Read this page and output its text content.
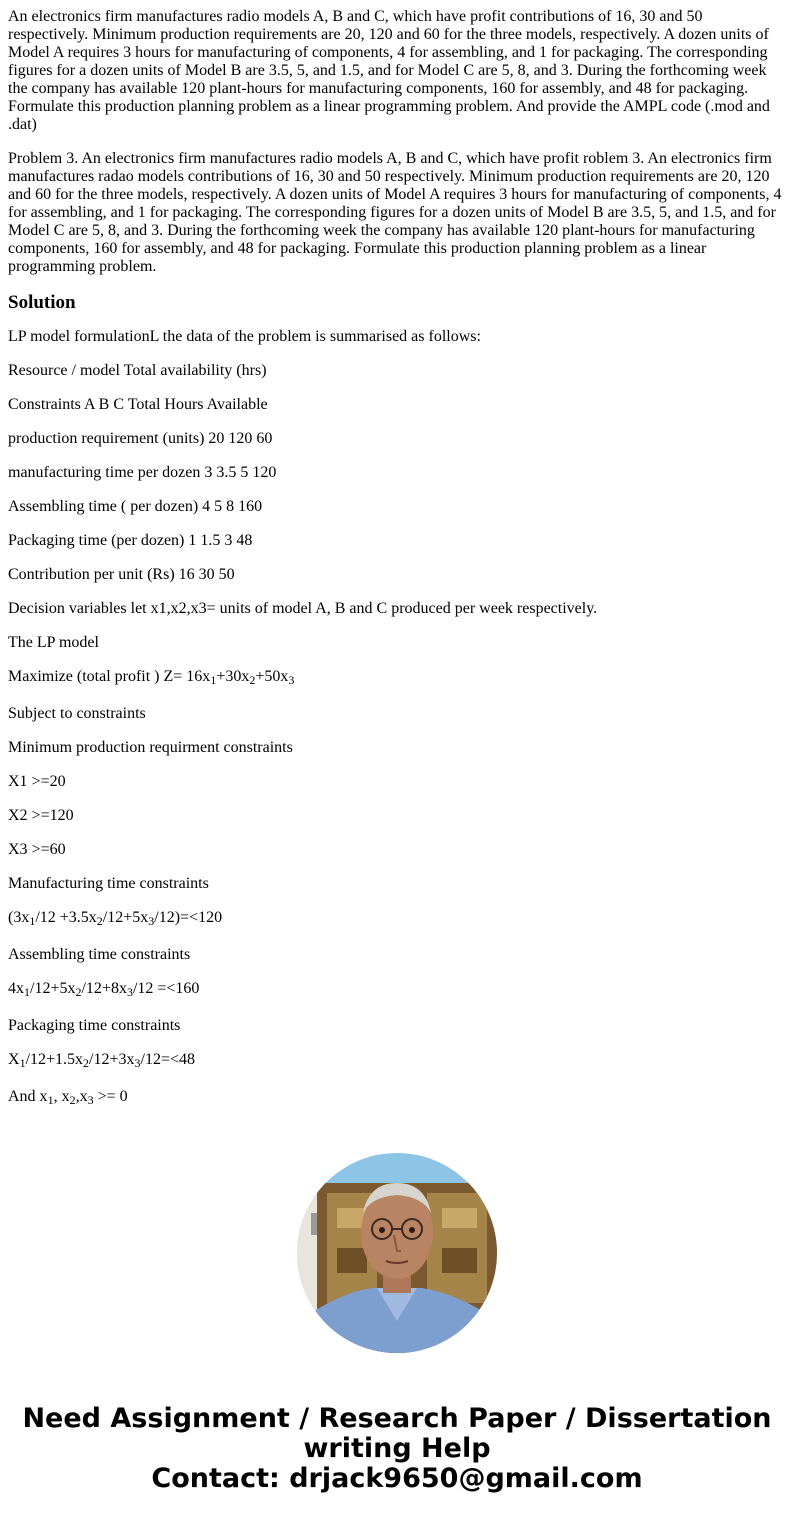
An electronics firm manufactures radio models A, B and C, which have profit contributions of 16, 30 and 50 respectively. Minimum production requirements are 20, 120 and 60 for the three models, respectively. A dozen units of Model A requires 3 hours for manufacturing of components, 4 for assembling, and 1 for packaging. The corresponding figures for a dozen units of Model B are 3.5, 5, and 1.5, and for Model C are 5, 8, and 3. During the forthcoming week the company has available 120 plant-hours for manufacturing components, 160 for assembly, and 48 for packaging. Formulate this production planning problem as a linear programming problem. And provide the AMPL code (.mod and .dat)

Problem 3. An electronics firm manufactures radio models A, B and C, which have profit roblem 3. An electronics firm manufactures radao models contributions of 16, 30 and 50 respectively. Minimum production requirements are 20, 120 and 60 for the three models, respectively. A dozen units of Model A requires 3 hours for manufacturing of components, 4 for assembling, and 1 for packaging. The corresponding figures for a dozen units of Model B are 3.5, 5, and 1.5, and for Model C are 5, 8, and 3. During the forthcoming week the company has available 120 plant-hours for manufacturing components, 160 for assembly, and 48 for packaging. Formulate this production planning problem as a linear programming problem.

Solution

LP model formulationL the data of the problem is summarised as follows:

Resource / model Total availability (hrs)

Constraints A B C Total Hours Available

production requirement (units) 20 120 60

manufacturing time per dozen 3 3.5 5 120

Assembling time ( per dozen) 4 5 8 160

Packaging time (per dozen) 1 1.5 3 48

Contribution per unit (Rs) 16 30 50

Decision variables let x1,x2,x3= units of model A, B and C produced per week respectively.

The LP model

Maximize (total profit ) $Z= 16x_1+30x_2+50x_3$

Subject to constraints

Minimum production requirment constraints

X1 >=20

X2 >=120

X3 >=60

Manufacturing time constraints

$(3x_1/12 +3.5x_2/12+5x_3/12)=<120$

Assembling time constraints

$4x_1/12+5x_2/12+8x_3/12 =<160$

Packaging time constraints

$X_1/12+1.5x_2/12+3x_3/12=<48$

And $x_1$, $x_2,x_3 >= 0$

Need Assignment / Research Paper / Dissertation
writing Help
Contact: drjack9650@gmail.com
